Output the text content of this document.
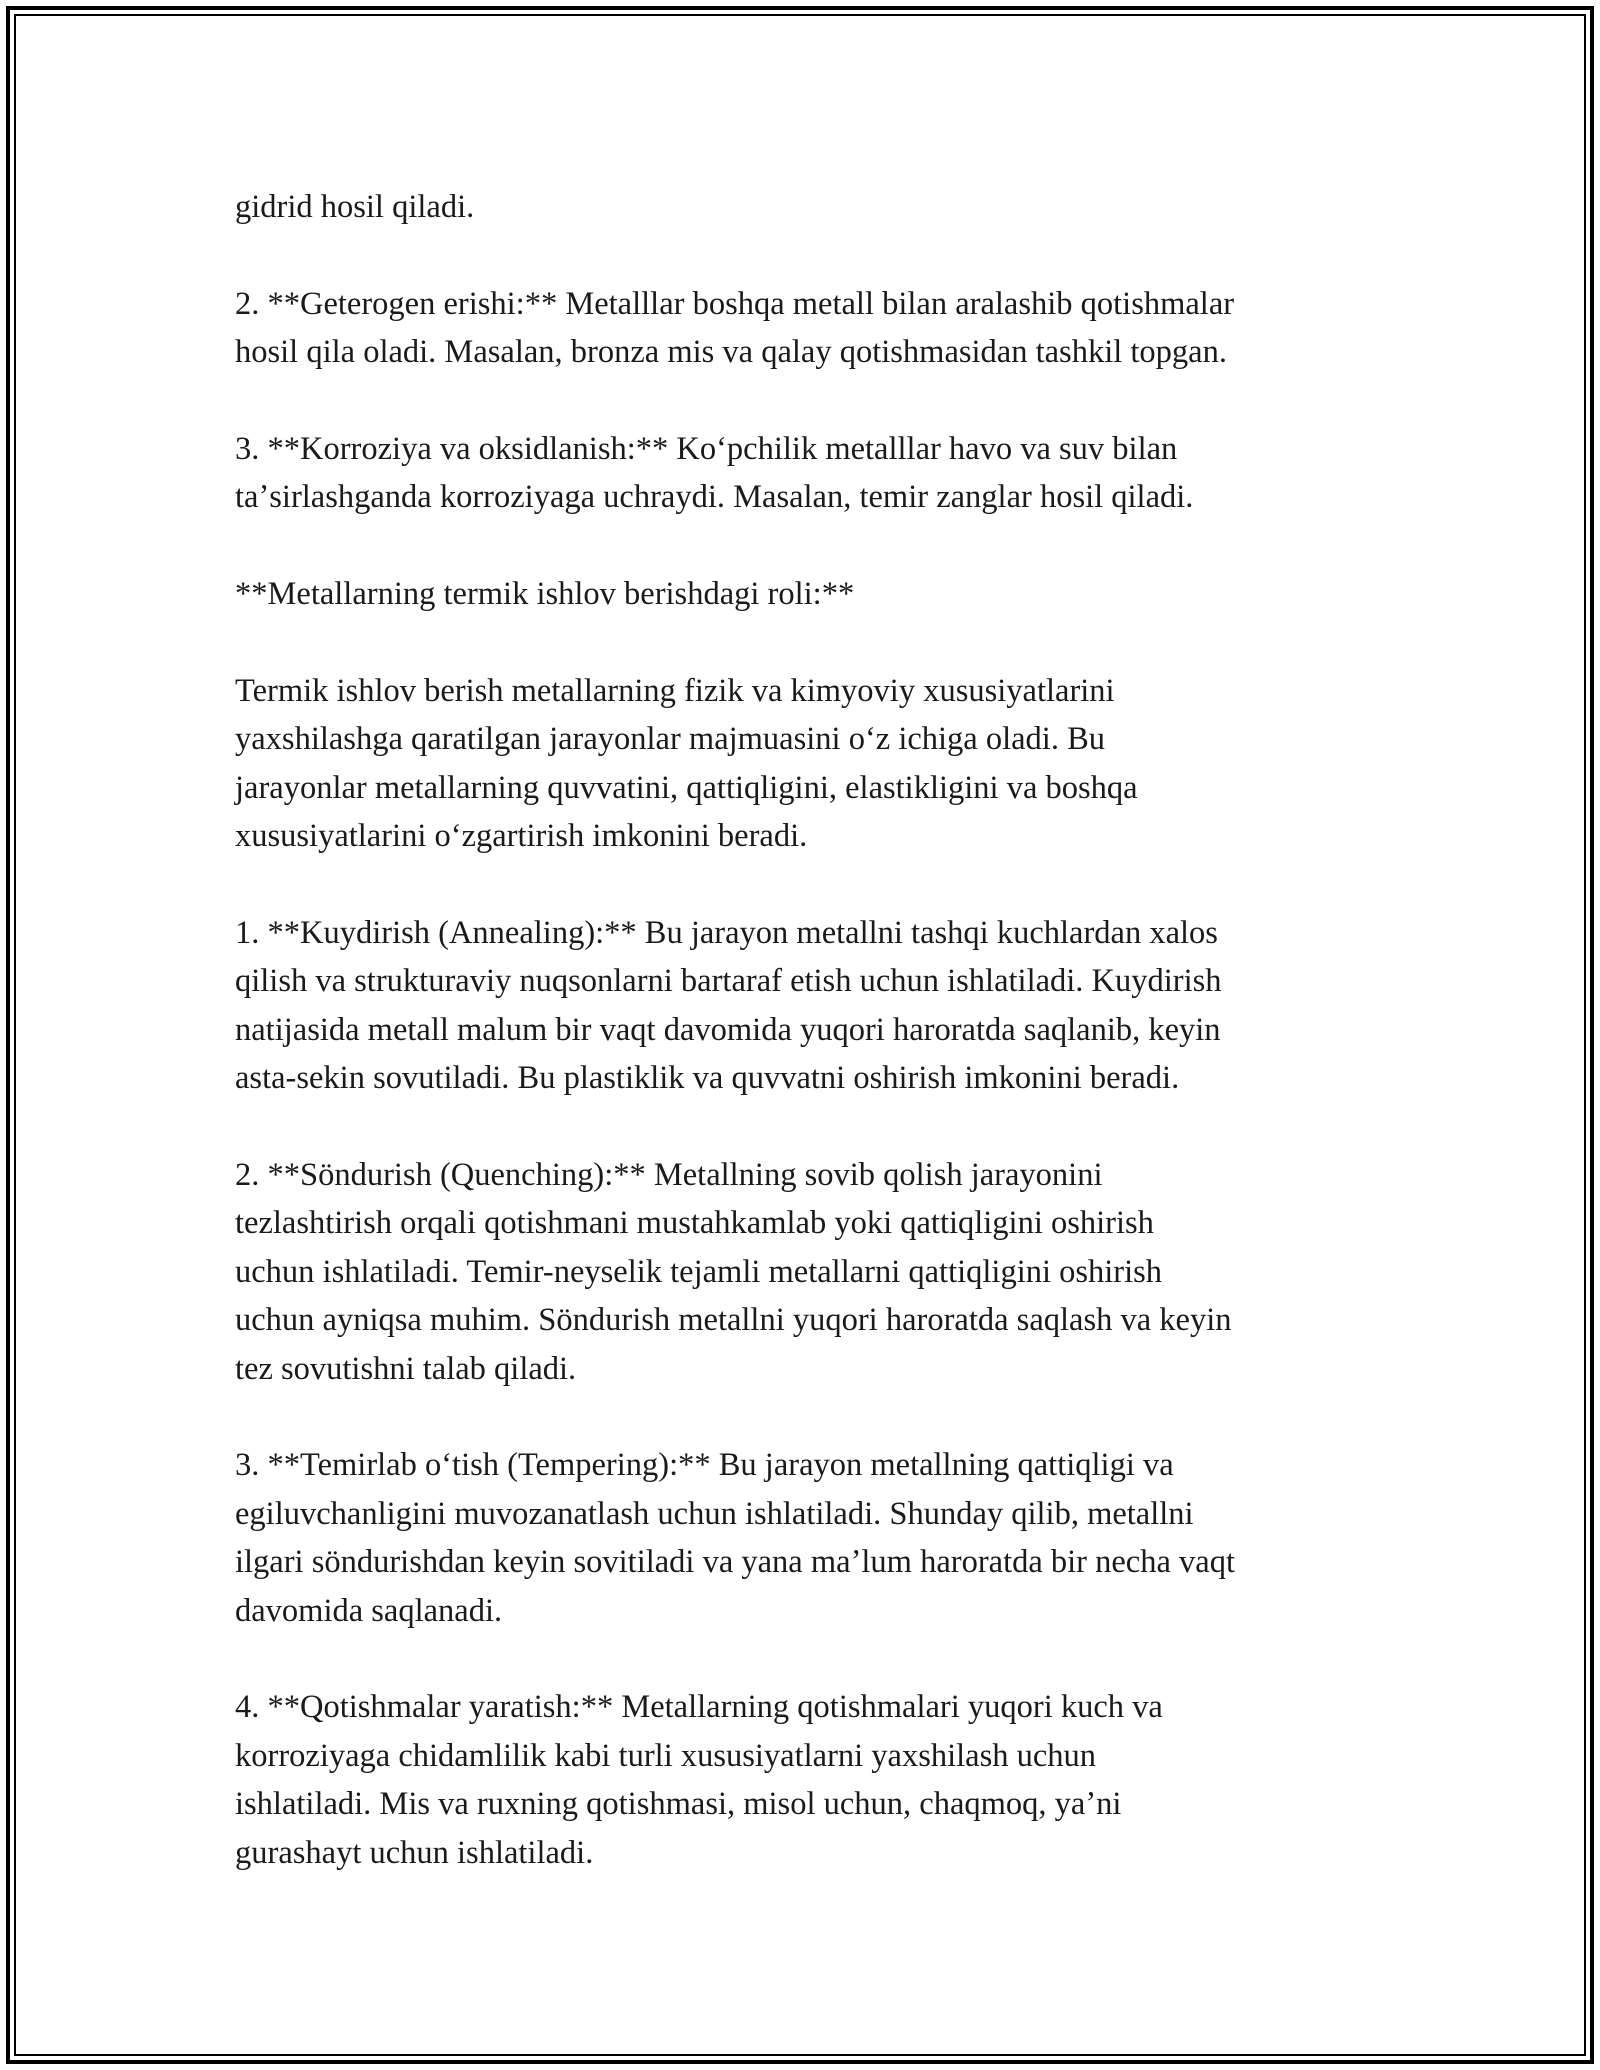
gidrid hosil qiladi.

2. **Geterogen erishi:** Metalllar boshqa metall bilan aralashib qotishmalar
hosil qila oladi. Masalan, bronza mis va qalay qotishmasidan tashkil topgan.

3. **Korroziya va oksidlanish:** Koʻpchilik metalllar havo va suv bilan
taʼsirlashganda korroziyaga uchraydi. Masalan, temir zanglar hosil qiladi.

**Metallarning termik ishlov berishdagi roli:**

Termik ishlov berish metallarning fizik va kimyoviy xususiyatlarini
yaxshilashga qaratilgan jarayonlar majmuasini oʻz ichiga oladi. Bu
jarayonlar metallarning quvvatini, qattiqligini, elastikligini va boshqa
xususiyatlarini oʻzgartirish imkonini beradi.

1. **Kuydirish (Annealing):** Bu jarayon metallni tashqi kuchlardan xalos
qilish va strukturaviy nuqsonlarni bartaraf etish uchun ishlatiladi. Kuydirish
natijasida metall malum bir vaqt davomida yuqori haroratda saqlanib, keyin
asta-sekin sovutiladi. Bu plastiklik va quvvatni oshirish imkonini beradi.

2. **Söndurish (Quenching):** Metallning sovib qolish jarayonini
tezlashtirish orqali qotishmani mustahkamlab yoki qattiqligini oshirish
uchun ishlatiladi. Temir-neyselik tejamli metallarni qattiqligini oshirish
uchun ayniqsa muhim. Söndurish metallni yuqori haroratda saqlash va keyin
tez sovutishni talab qiladi.

3. **Temirlab oʻtish (Tempering):** Bu jarayon metallning qattiqligi va
egiluvchanligini muvozanatlash uchun ishlatiladi. Shunday qilib, metallni
ilgari söndurishdan keyin sovitiladi va yana maʼlum haroratda bir necha vaqt
davomida saqlanadi.

4. **Qotishmalar yaratish:** Metallarning qotishmalari yuqori kuch va
korroziyaga chidamlilik kabi turli xususiyatlarni yaxshilash uchun
ishlatiladi. Mis va ruxning qotishmasi, misol uchun, chaqmoq, yaʼni
gurashayt uchun ishlatiladi.
